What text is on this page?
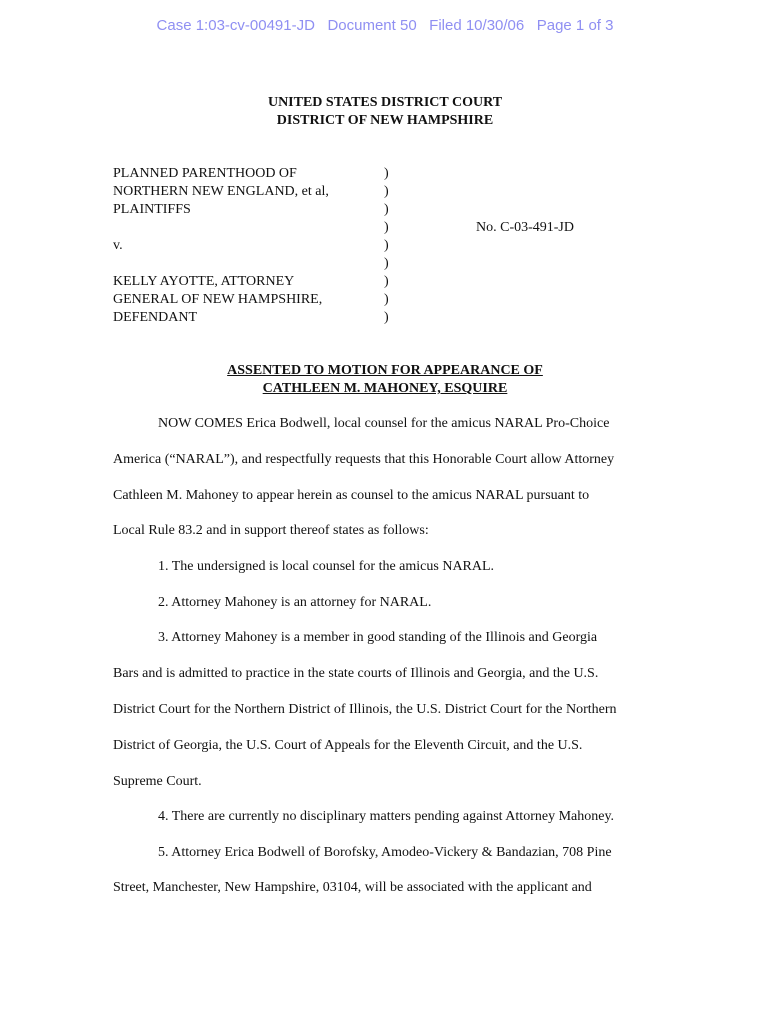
Case 1:03-cv-00491-JD   Document 50   Filed 10/30/06   Page 1 of 3
UNITED STATES DISTRICT COURT
DISTRICT OF NEW HAMPSHIRE
PLANNED PARENTHOOD OF
NORTHERN NEW ENGLAND, et al,
PLAINTIFFS
v.
KELLY AYOTTE, ATTORNEY
GENERAL OF NEW HAMPSHIRE,
DEFENDANT
)
)
)
)
)
)
)
)
)
No. C-03-491-JD
ASSENTED TO MOTION FOR APPEARANCE OF
CATHLEEN M. MAHONEY, ESQUIRE
NOW COMES Erica Bodwell, local counsel for the amicus NARAL Pro-Choice
America (“NARAL”), and respectfully requests that this Honorable Court allow Attorney
Cathleen M. Mahoney to appear herein as counsel to the amicus NARAL pursuant to
Local Rule 83.2 and in support thereof states as follows:
1. The undersigned is local counsel for the amicus NARAL.
2. Attorney Mahoney is an attorney for NARAL.
3. Attorney Mahoney is a member in good standing of the Illinois and Georgia
Bars and is admitted to practice in the state courts of Illinois and Georgia, and the U.S.
District Court for the Northern District of Illinois, the U.S. District Court for the Northern
District of Georgia, the U.S. Court of Appeals for the Eleventh Circuit, and the U.S.
Supreme Court.
4. There are currently no disciplinary matters pending against Attorney Mahoney.
5. Attorney Erica Bodwell of Borofsky, Amodeo-Vickery & Bandazian, 708 Pine
Street, Manchester, New Hampshire, 03104, will be associated with the applicant and
